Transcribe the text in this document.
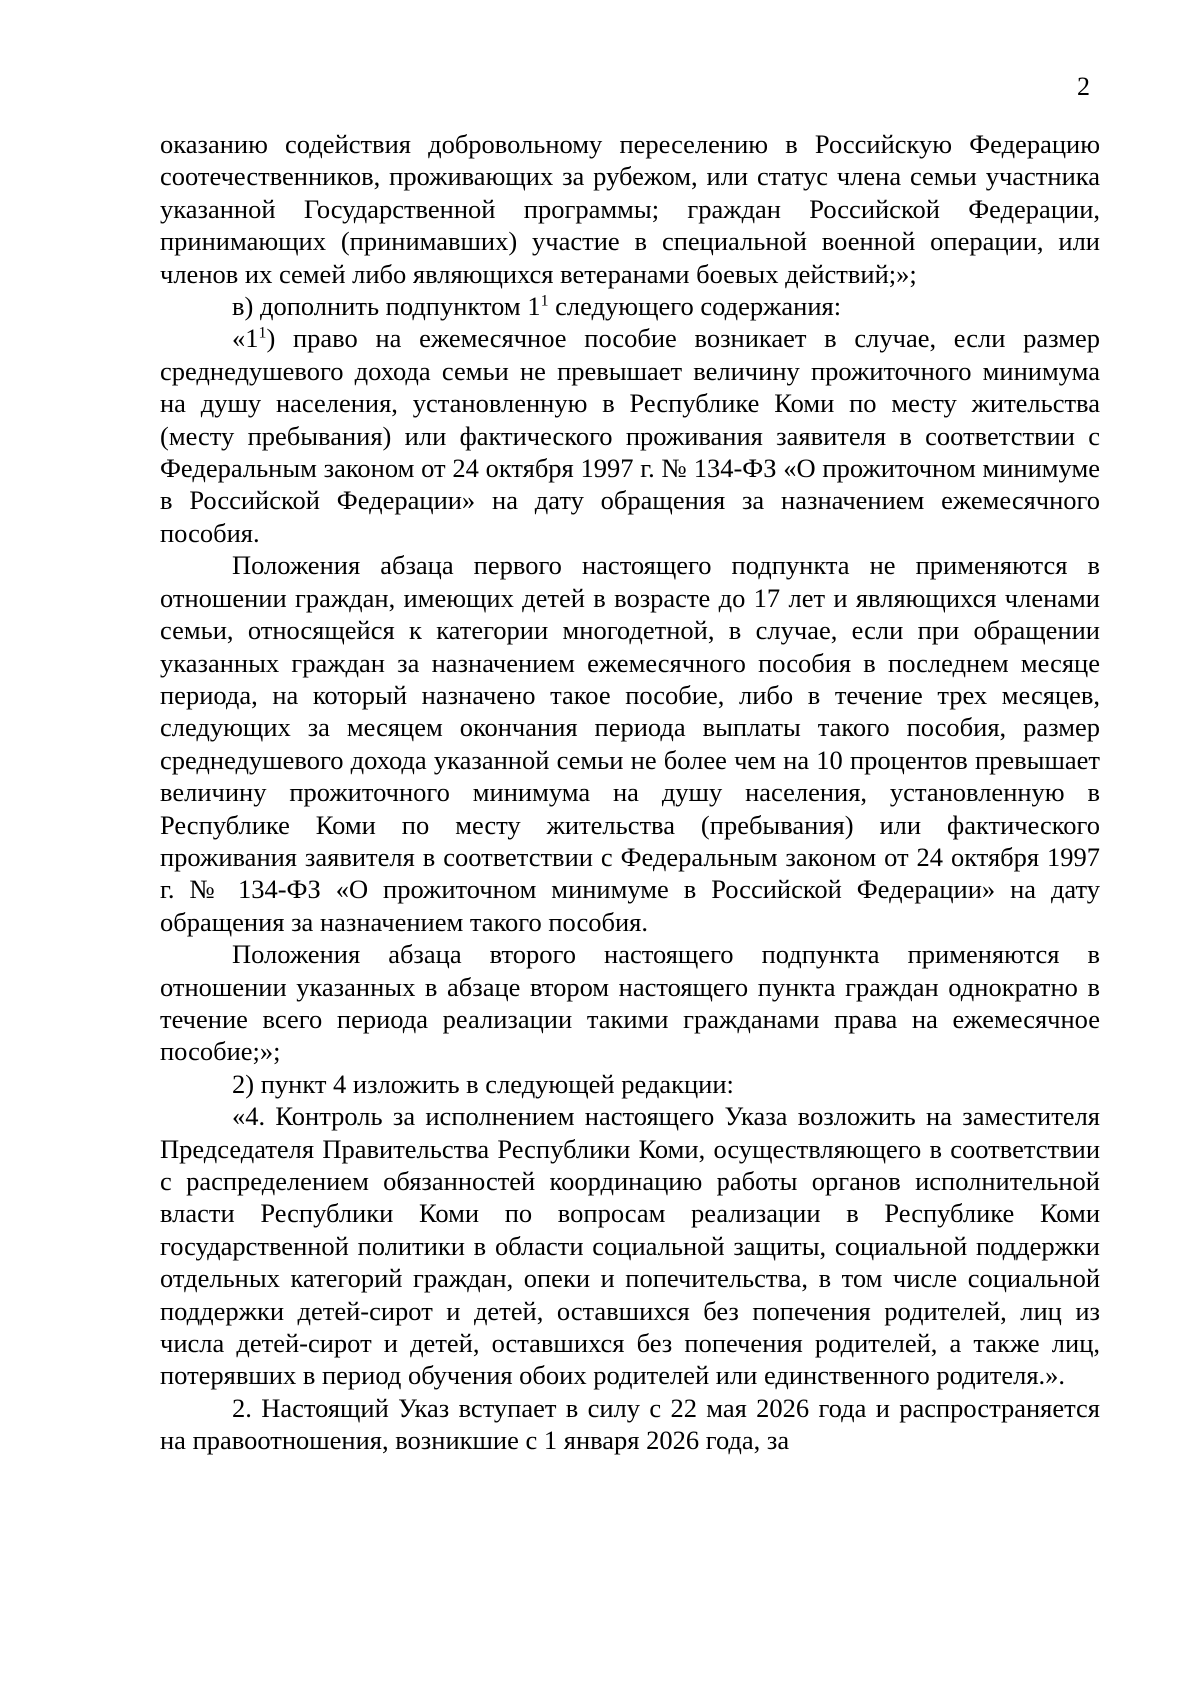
2

оказанию содействия добровольному переселению в Российскую Федерацию соотечественников, проживающих за рубежом, или статус члена семьи участника указанной Государственной программы; граждан Российской Федерации, принимающих (принимавших) участие в специальной военной операции, или членов их семей либо являющихся ветеранами боевых действий;»;

в) дополнить подпунктом $1^1$ следующего содержания:

«$1^1$) право на ежемесячное пособие возникает в случае, если размер среднедушевого дохода семьи не превышает величину прожиточного минимума на душу населения, установленную в Республике Коми по месту жительства (месту пребывания) или фактического проживания заявителя в соответствии с Федеральным законом от 24 октября 1997 г. № 134-ФЗ «О прожиточном минимуме в Российской Федерации» на дату обращения за назначением ежемесячного пособия.

Положения абзаца первого настоящего подпункта не применяются в отношении граждан, имеющих детей в возрасте до 17 лет и являющихся членами семьи, относящейся к категории многодетной, в случае, если при обращении указанных граждан за назначением ежемесячного пособия в последнем месяце периода, на который назначено такое пособие, либо в течение трех месяцев, следующих за месяцем окончания периода выплаты такого пособия, размер среднедушевого дохода указанной семьи не более чем на 10 процентов превышает величину прожиточного минимума на душу населения, установленную в Республике Коми по месту жительства (пребывания) или фактического проживания заявителя в соответствии с Федеральным законом от 24 октября 1997 г. № 134-ФЗ «О прожиточном минимуме в Российской Федерации» на дату обращения за назначением такого пособия.

Положения абзаца второго настоящего подпункта применяются в отношении указанных в абзаце втором настоящего пункта граждан однократно в течение всего периода реализации такими гражданами права на ежемесячное пособие;»;

2) пункт 4 изложить в следующей редакции:

«4. Контроль за исполнением настоящего Указа возложить на заместителя Председателя Правительства Республики Коми, осуществляющего в соответствии с распределением обязанностей координацию работы органов исполнительной власти Республики Коми по вопросам реализации в Республике Коми государственной политики в области социальной защиты, социальной поддержки отдельных категорий граждан, опеки и попечительства, в том числе социальной поддержки детей-сирот и детей, оставшихся без попечения родителей, лиц из числа детей-сирот и детей, оставшихся без попечения родителей, а также лиц, потерявших в период обучения обоих родителей или единственного родителя.».

2. Настоящий Указ вступает в силу с 22 мая 2026 года и распространяется на правоотношения, возникшие с 1 января 2026 года, за
